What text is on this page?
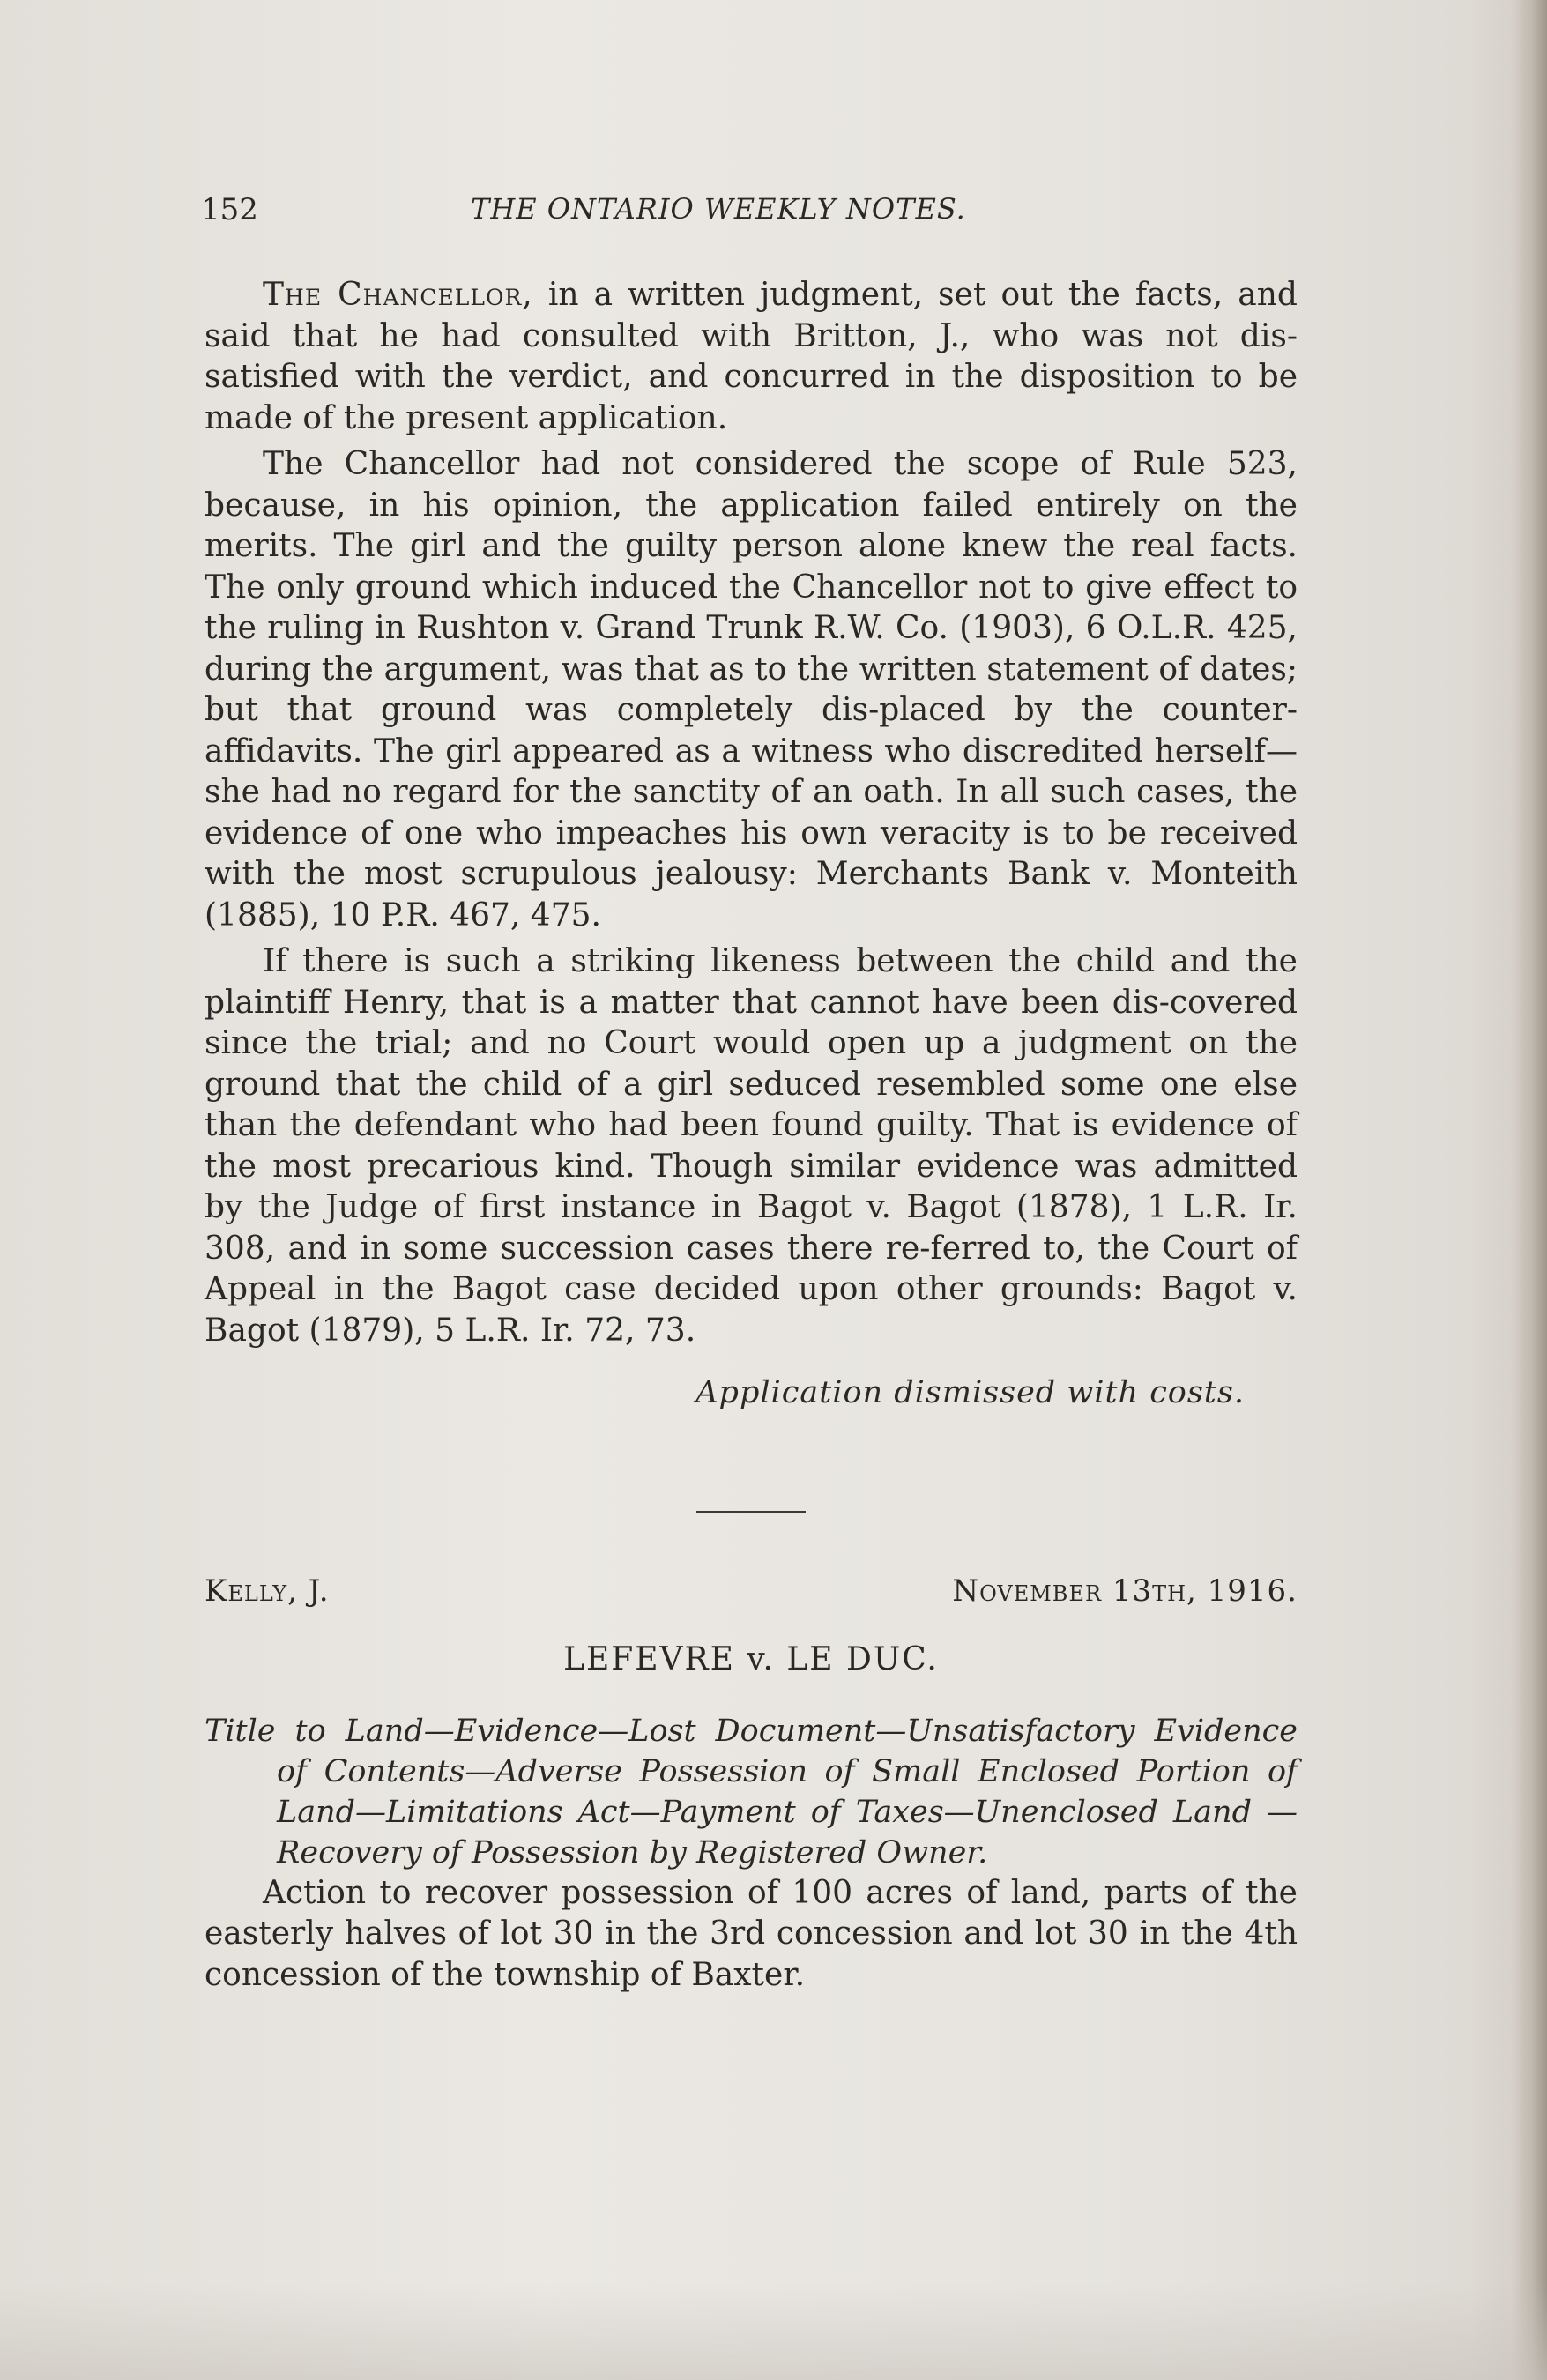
152	THE ONTARIO WEEKLY NOTES.

The Chancellor, in a written judgment, set out the facts, and said that he had consulted with Britton, J., who was not dis-satisfied with the verdict, and concurred in the disposition to be made of the present application.

The Chancellor had not considered the scope of Rule 523, because, in his opinion, the application failed entirely on the merits. The girl and the guilty person alone knew the real facts. The only ground which induced the Chancellor not to give effect to the ruling in Rushton v. Grand Trunk R.W. Co. (1903), 6 O.L.R. 425, during the argument, was that as to the written statement of dates; but that ground was completely dis-placed by the counter-affidavits. The girl appeared as a witness who discredited herself—she had no regard for the sanctity of an oath. In all such cases, the evidence of one who impeaches his own veracity is to be received with the most scrupulous jealousy: Merchants Bank v. Monteith (1885), 10 P.R. 467, 475.

If there is such a striking likeness between the child and the plaintiff Henry, that is a matter that cannot have been dis-covered since the trial; and no Court would open up a judgment on the ground that the child of a girl seduced resembled some one else than the defendant who had been found guilty. That is evidence of the most precarious kind. Though similar evidence was admitted by the Judge of first instance in Bagot v. Bagot (1878), 1 L.R. Ir. 308, and in some succession cases there re-ferred to, the Court of Appeal in the Bagot case decided upon other grounds: Bagot v. Bagot (1879), 5 L.R. Ir. 72, 73.

Application dismissed with costs.
Kelly, J.	November 13th, 1916.
LEFEVRE v. LE DUC.
Title to Land—Evidence—Lost Document—Unsatisfactory Evidence of Contents—Adverse Possession of Small Enclosed Portion of Land—Limitations Act—Payment of Taxes—Unenclosed Land —Recovery of Possession by Registered Owner.

Action to recover possession of 100 acres of land, parts of the easterly halves of lot 30 in the 3rd concession and lot 30 in the 4th concession of the township of Baxter.
